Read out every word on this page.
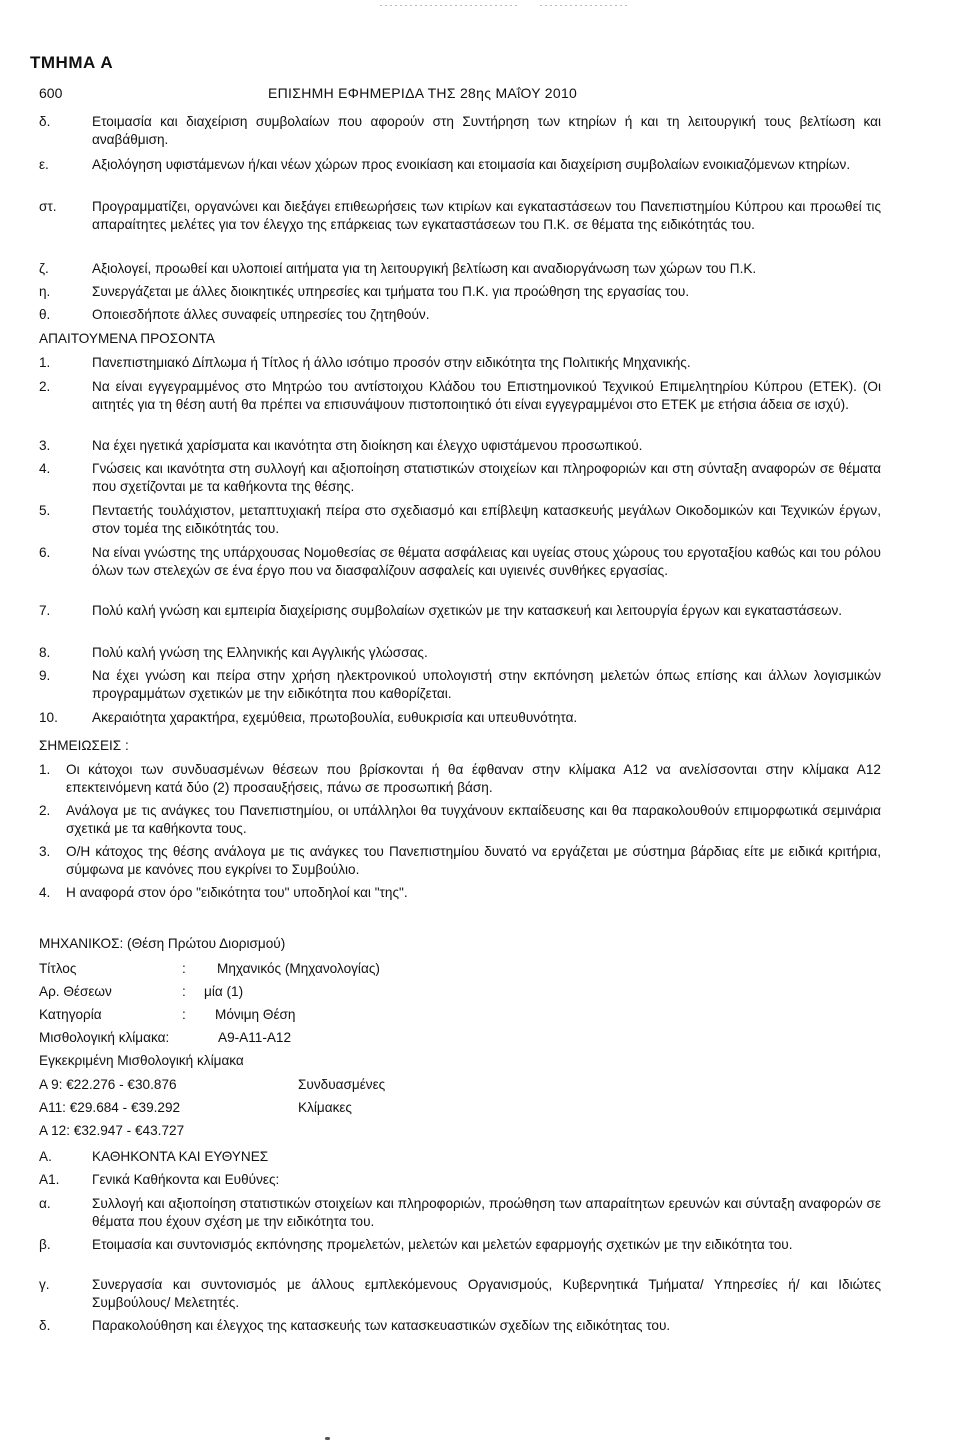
ΤΜΗΜΑ Α
600	ΕΠΙΣΗΜΗ ΕΦΗΜΕΡΙΔΑ ΤΗΣ 28ης ΜΑΐΟΥ 2010
δ.	Ετοιμασία και διαχείριση συμβολαίων που αφορούν στη Συντήρηση των κτηρίων ή και τη λειτουργική τους βελτίωση και αναβάθμιση.
ε.	Αξιολόγηση υφιστάμενων ή/και νέων χώρων προς ενοικίαση και ετοιμασία και διαχείριση συμβολαίων ενοικιαζόμενων κτηρίων.
στ.	Προγραμματίζει, οργανώνει και διεξάγει επιθεωρήσεις των κτιρίων και εγκαταστάσεων του Πανεπιστημίου Κύπρου και προωθεί τις απαραίτητες μελέτες για τον έλεγχο της επάρκειας των εγκαταστάσεων του Π.Κ. σε θέματα της ειδικότητάς του.
ζ.	Αξιολογεί, προωθεί και υλοποιεί αιτήματα για τη λειτουργική βελτίωση και αναδιοργάνωση των χώρων του Π.Κ.
η.	Συνεργάζεται με άλλες διοικητικές υπηρεσίες και τμήματα του Π.Κ. για προώθηση της εργασίας του.
θ.	Οποιεσδήποτε άλλες συναφείς υπηρεσίες του ζητηθούν.
ΑΠΑΙΤΟΥΜΕΝΑ ΠΡΟΣΟΝΤΑ
1.	Πανεπιστημιακό Δίπλωμα ή Τίτλος ή άλλο ισότιμο προσόν στην ειδικότητα της Πολιτικής Μηχανικής.
2.	Να είναι εγγεγραμμένος στο Μητρώο του αντίστοιχου Κλάδου του Επιστημονικού Τεχνικού Επιμελητηρίου Κύπρου (ΕΤΕΚ). (Οι αιτητές για τη θέση αυτή θα πρέπει να επισυνάψουν πιστοποιητικό ότι είναι εγγεγραμμένοι στο ΕΤΕΚ με ετήσια άδεια σε ισχύ).
3.	Να έχει ηγετικά χαρίσματα και ικανότητα στη διοίκηση και έλεγχο υφιστάμενου προσωπικού.
4.	Γνώσεις και ικανότητα στη συλλογή και αξιοποίηση στατιστικών στοιχείων και πληροφοριών και στη σύνταξη αναφορών σε θέματα που σχετίζονται με τα καθήκοντα της θέσης.
5.	Πενταετής τουλάχιστον, μεταπτυχιακή πείρα στο σχεδιασμό και επίβλεψη κατασκευής μεγάλων Οικοδομικών και Τεχνικών έργων, στον τομέα της ειδικότητάς του.
6.	Να είναι γνώστης της υπάρχουσας Νομοθεσίας σε θέματα ασφάλειας και υγείας στους χώρους του εργοταξίου καθώς και του ρόλου όλων των στελεχών σε ένα έργο που να διασφαλίζουν ασφαλείς και υγιεινές συνθήκες εργασίας.
7.	Πολύ καλή γνώση και εμπειρία διαχείρισης συμβολαίων σχετικών με την κατασκευή και λειτουργία έργων και εγκαταστάσεων.
8.	Πολύ καλή γνώση της Ελληνικής και Αγγλικής γλώσσας.
9.	Να έχει γνώση και πείρα στην χρήση ηλεκτρονικού υπολογιστή στην εκπόνηση μελετών όπως επίσης και άλλων λογισμικών προγραμμάτων σχετικών με την ειδικότητα που καθορίζεται.
10.	Ακεραιότητα χαρακτήρα, εχεμύθεια, πρωτοβουλία, ευθυκρισία και υπευθυνότητα.
ΣΗΜΕΙΩΣΕΙΣ :
1. Οι κάτοχοι των συνδυασμένων θέσεων που βρίσκονται ή θα έφθαναν στην κλίμακα Α12 να ανελίσσονται στην κλίμακα Α12 επεκτεινόμενη κατά δύο (2) προσαυξήσεις, πάνω σε προσωπική βάση.
2. Ανάλογα με τις ανάγκες του Πανεπιστημίου, οι υπάλληλοι θα τυγχάνουν εκπαίδευσης και θα παρακολουθούν επιμορφωτικά σεμινάρια σχετικά με τα καθήκοντα τους.
3. Ο/Η κάτοχος της θέσης ανάλογα με τις ανάγκες του Πανεπιστημίου δυνατό να εργάζεται με σύστημα βάρδιας είτε με ειδικά κριτήρια, σύμφωνα με κανόνες που εγκρίνει το Συμβούλιο.
4. Η αναφορά στον όρο "ειδικότητα του" υποδηλοί και "της".
ΜΗΧΑΝΙΚΟΣ: (Θέση Πρώτου Διορισμού)
Τίτλος	: Μηχανικός (Μηχανολογίας)
Αρ. Θέσεων	: μία (1)
Κατηγορία	: Μόνιμη Θέση
Μισθολογική κλίμακα:	Α9-Α11-Α12
Εγκεκριμένη Μισθολογική κλίμακα
Α 9: €22.276 - €30.876	Συνδυασμένες
Α11: €29.684 - €39.292	Κλίμακες
Α 12: €32.947 - €43.727
Α.	ΚΑΘΗΚΟΝΤΑ ΚΑΙ ΕΥΘΥΝΕΣ
Α1. Γενικά Καθήκοντα και Ευθύνες:
α.	Συλλογή και αξιοποίηση στατιστικών στοιχείων και πληροφοριών, προώθηση των απαραίτητων ερευνών και σύνταξη αναφορών σε θέματα που έχουν σχέση με την ειδικότητα του.
β.	Ετοιμασία και συντονισμός εκπόνησης προμελετών, μελετών και μελετών εφαρμογής σχετικών με την ειδικότητα του.
γ.	Συνεργασία και συντονισμός με άλλους εμπλεκόμενους Οργανισμούς, Κυβερνητικά Τμήματα/ Υπηρεσίες ή/ και Ιδιώτες Συμβούλους/ Μελετητές.
δ.	Παρακολούθηση και έλεγχος της κατασκευής των κατασκευαστικών σχεδίων της ειδικότητας του.
